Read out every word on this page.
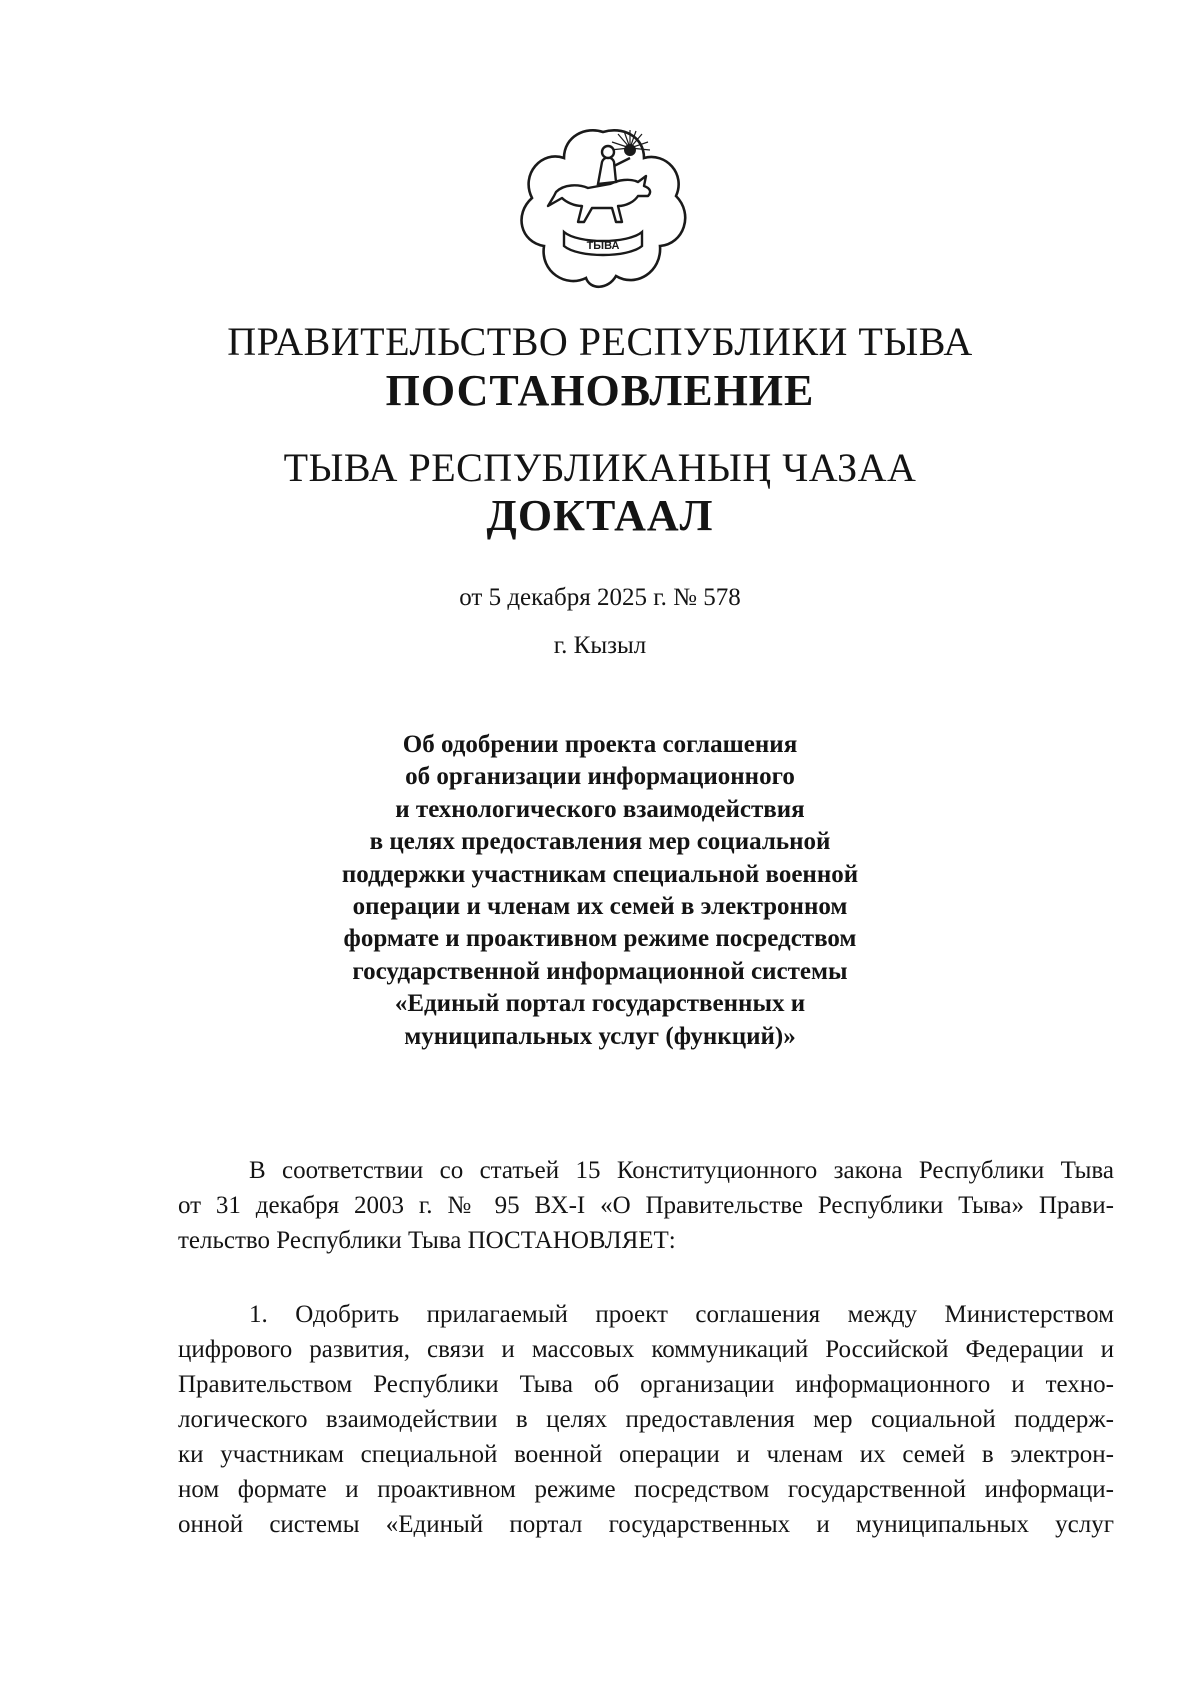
ТЫВА
ПРАВИТЕЛЬСТВО РЕСПУБЛИКИ ТЫВА
ПОСТАНОВЛЕНИЕ
ТЫВА РЕСПУБЛИКАНЫҢ ЧАЗАА
ДОКТААЛ
от 5 декабря 2025 г. № 578
г. Кызыл
Об одобрении проекта соглашения
об организации информационного
и технологического взаимодействия
в целях предоставления мер социальной
поддержки участникам специальной военной
операции и членам их семей в электронном
формате и проактивном режиме посредством
государственной информационной системы
«Единый портал государственных и
муниципальных услуг (функций)»
В соответствии со статьей 15 Конституционного закона Республики Тыва
от 31 декабря 2003 г. № 95 ВХ-I «О Правительстве Республики Тыва» Прави-
тельство Республики Тыва ПОСТАНОВЛЯЕТ:
1. Одобрить прилагаемый проект соглашения между Министерством
цифрового развития, связи и массовых коммуникаций Российской Федерации и
Правительством Республики Тыва об организации информационного и техно-
логического взаимодействии в целях предоставления мер социальной поддерж-
ки участникам специальной военной операции и членам их семей в электрон-
ном формате и проактивном режиме посредством государственной информаци-
онной системы «Единый портал государственных и муниципальных услуг
